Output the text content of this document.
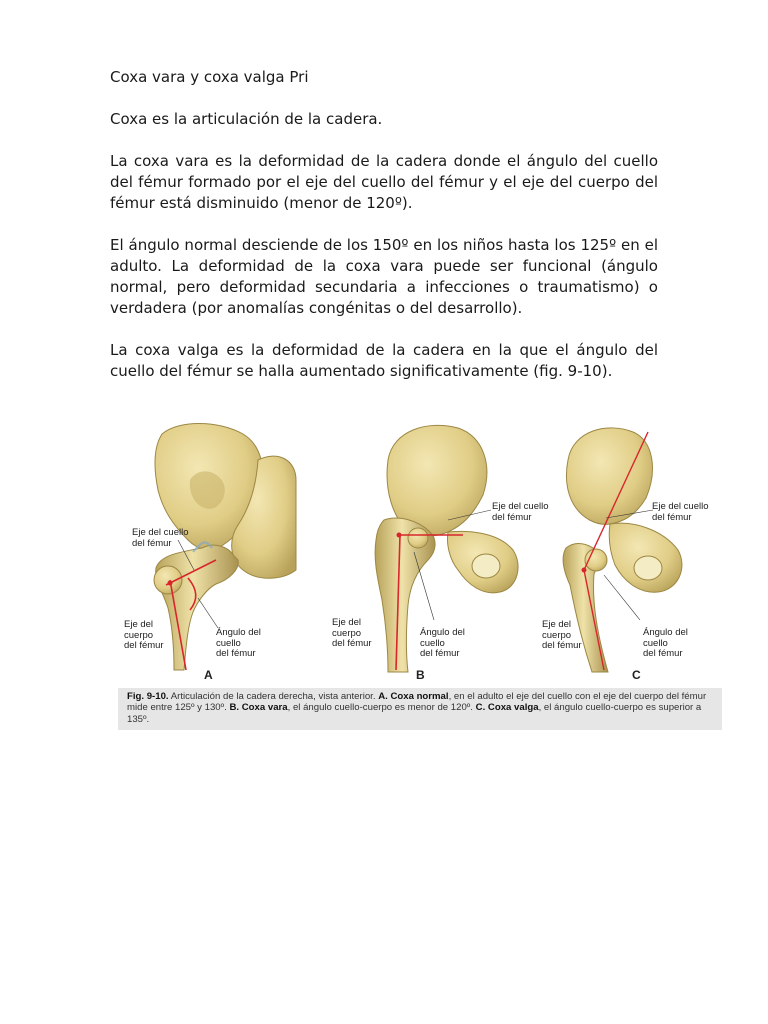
Coxa vara y coxa valga Pri

Coxa es la articulación de la cadera.

La coxa vara es la deformidad de la cadera donde el ángulo del cuello del fémur formado por el eje del cuello del fémur y el eje del cuerpo del fémur está disminuido (menor de 120º).

El ángulo normal desciende de los 150º en los niños hasta los 125º en el adulto. La deformidad de la coxa vara puede ser funcional (ángulo normal, pero deformidad secundaria a infecciones o traumatismo) o verdadera (por anomalías congénitas o del desarrollo).

La coxa valga es la deformidad de la cadera en la que el ángulo del cuello del fémur se halla aumentado significativamente (fig. 9-10).

Eje del cuello
del fémur
Eje del
cuerpo
del fémur
Ángulo del
cuello
del fémur
A
Eje del cuello
del fémur
Eje del
cuerpo
del fémur
Ángulo del
cuello
del fémur
B
Eje del cuello
del fémur
Eje del
cuerpo
del fémur
Ángulo del
cuello
del fémur
C

Fig. 9-10. Articulación de la cadera derecha, vista anterior. A. Coxa normal, en el adulto el eje del cuello con el eje del cuerpo del fémur mide entre 125º y 130º. B. Coxa vara, el ángulo cuello-cuerpo es menor de 120º. C. Coxa valga, el ángulo cuello-cuerpo es superior a 135º.
